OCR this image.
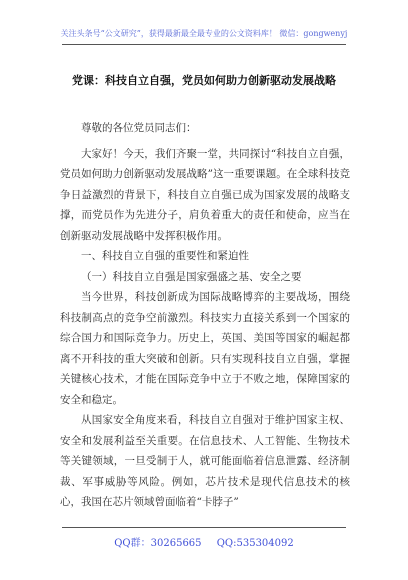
关注头条号“公文研究”，获得最新最全最专业的公文资料库！ 微信：gongwenyj
党课：科技自立自强，党员如何助力创新驱动发展战略

尊敬的各位党员同志们：

大家好！今天，我们齐聚一堂，共同探讨“科技自立自强，党员如何助力创新驱动发展战略”这一重要课题。在全球科技竞争日益激烈的背景下，科技自立自强已成为国家发展的战略支撑，而党员作为先进分子，肩负着重大的责任和使命，应当在创新驱动发展战略中发挥积极作用。

一、科技自立自强的重要性和紧迫性

（一）科技自立自强是国家强盛之基、安全之要

当今世界，科技创新成为国际战略博弈的主要战场，围绕科技制高点的竞争空前激烈。科技实力直接关系到一个国家的综合国力和国际竞争力。历史上，英国、美国等国家的崛起都离不开科技的重大突破和创新。只有实现科技自立自强，掌握关键核心技术，才能在国际竞争中立于不败之地，保障国家的安全和稳定。

从国家安全角度来看，科技自立自强对于维护国家主权、安全和发展利益至关重要。在信息技术、人工智能、生物技术等关键领域，一旦受制于人，就可能面临着信息泄露、经济制裁、军事威胁等风险。例如，芯片技术是现代信息技术的核心，我国在芯片领域曾面临着“卡脖子”

QQ群：30265665 QQ:535304092
